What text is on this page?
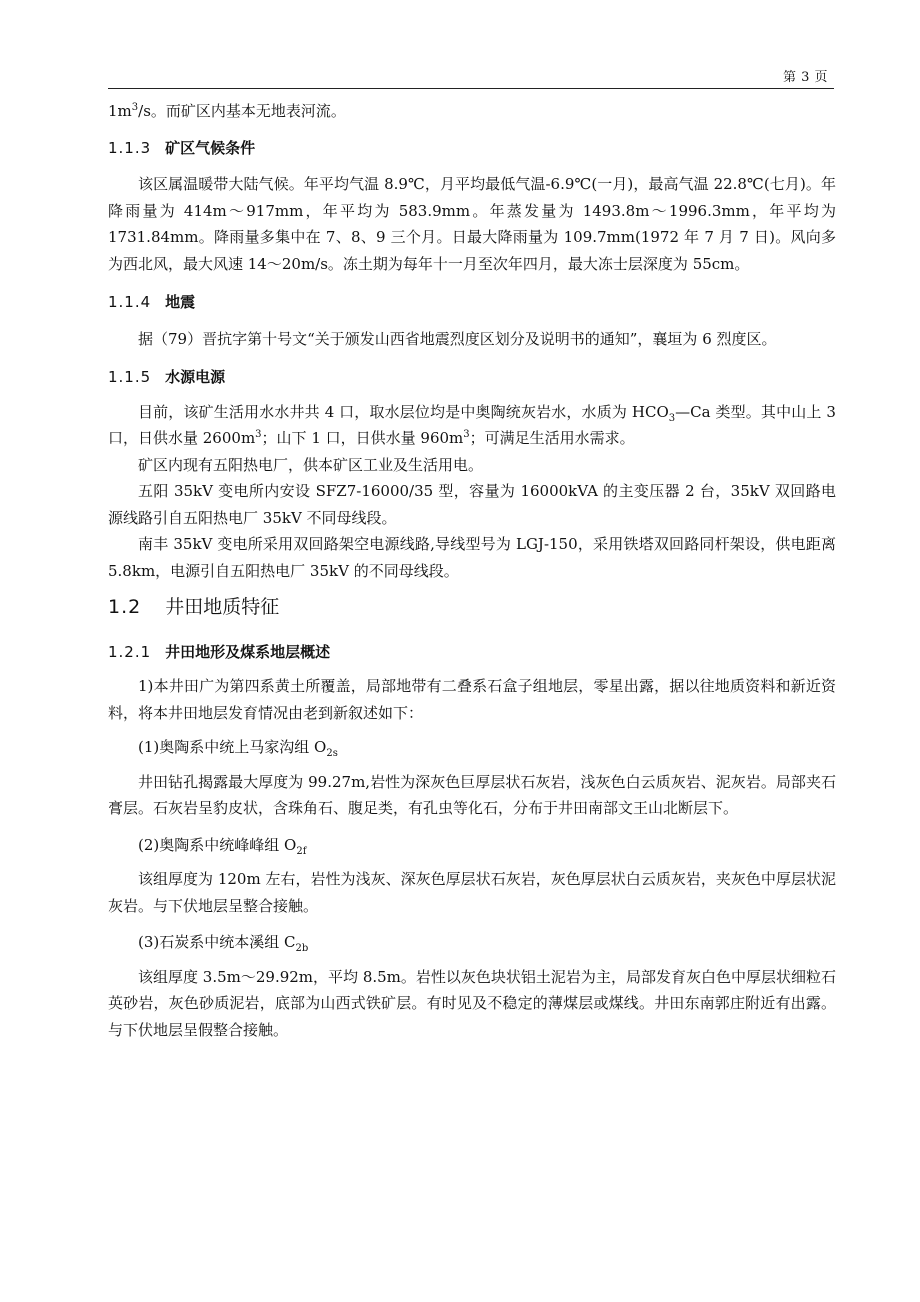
第 3 页

$1m^3/s$。而矿区内基本无地表河流。

1.1.3 矿区气候条件

该区属温暖带大陆气候。年平均气温 8.9℃，月平均最低气温-6.9℃(一月)，最高气温 22.8℃(七月)。年降雨量为 414m～917mm，年平均为 583.9mm。年蒸发量为 1493.8m～1996.3mm，年平均为 1731.84mm。降雨量多集中在 7、8、9 三个月。日最大降雨量为 109.7mm(1972 年 7 月 7 日)。风向多为西北风，最大风速 14～20m/s。冻土期为每年十一月至次年四月，最大冻士层深度为 55cm。

1.1.4 地震

据（79）晋抗字第十号文“关于颁发山西省地震烈度区划分及说明书的通知”，襄垣为 6 烈度区。

1.1.5 水源电源

目前，该矿生活用水水井共 4 口，取水层位均是中奥陶统灰岩水，水质为 $HCO_3—Ca$ 类型。其中山上 3 口，日供水量 $2600m^3$；山下 1 口，日供水量 $960m^3$；可满足生活用水需求。

矿区内现有五阳热电厂，供本矿区工业及生活用电。

五阳 35kV 变电所内安设 SFZ7-16000/35 型，容量为 16000kVA 的主变压器 2 台，35kV 双回路电源线路引自五阳热电厂 35kV 不同母线段。

南丰 35kV 变电所采用双回路架空电源线路,导线型号为 LGJ-150，采用铁塔双回路同杆架设，供电距离 5.8km，电源引自五阳热电厂 35kV 的不同母线段。

1.2 井田地质特征
1.2.1 井田地形及煤系地层概述

1)本井田广为第四系黄土所覆盖，局部地带有二叠系石盒子组地层，零星出露，据以往地质资料和新近资料，将本井田地层发育情况由老到新叙述如下：

(1)奥陶系中统上马家沟组 $O_{2s}$

井田钻孔揭露最大厚度为 99.27m,岩性为深灰色巨厚层状石灰岩，浅灰色白云质灰岩、泥灰岩。局部夹石膏层。石灰岩呈豹皮状，含珠角石、腹足类，有孔虫等化石，分布于井田南部文王山北断层下。

(2)奥陶系中统峰峰组 $O_{2f}$

该组厚度为 120m 左右，岩性为浅灰、深灰色厚层状石灰岩，灰色厚层状白云质灰岩，夹灰色中厚层状泥灰岩。与下伏地层呈整合接触。

(3)石炭系中统本溪组 $C_{2b}$

该组厚度 3.5m～29.92m，平均 8.5m。岩性以灰色块状铝土泥岩为主，局部发育灰白色中厚层状细粒石英砂岩，灰色砂质泥岩，底部为山西式铁矿层。有时见及不稳定的薄煤层或煤线。井田东南郭庄附近有出露。与下伏地层呈假整合接触。
